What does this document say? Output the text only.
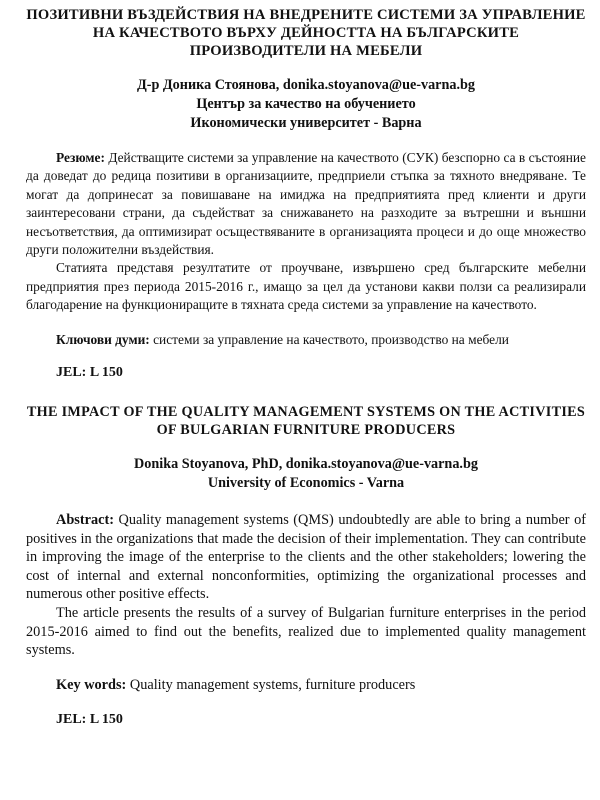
ПОЗИТИВНИ ВЪЗДЕЙСТВИЯ НА ВНЕДРЕНИТЕ СИСТЕМИ ЗА УПРАВЛЕНИЕ НА КАЧЕСТВОТО ВЪРХУ ДЕЙНОСТТА НА БЪЛГАРСКИТЕ ПРОИЗВОДИТЕЛИ НА МЕБЕЛИ
Д-р Доника Стоянова, donika.stoyanova@ue-varna.bg
Център за качество на обучението
Икономически университет - Варна

Резюме: Действащите системи за управление на качеството (СУК) безспорно са в състояние да доведат до редица позитиви в организациите, предприели стъпка за тяхното внедряване. Те могат да допринесат за повишаване на имиджа на предприятията пред клиенти и други заинтересовани страни, да съдействат за снижаването на разходите за вътрешни и външни несъответствия, да оптимизират осъществяваните в организацията процеси и до още множество други положителни въздействия.

Статията представя резултатите от проучване, извършено сред българските мебелни предприятия през периода 2015-2016 г., имащо за цел да установи какви ползи са реализирали благодарение на функциониращите в тяхната среда системи за управление на качеството.

Ключови думи: системи за управление на качеството, производство на мебели
JEL: L 150
THE IMPACT OF THE QUALITY MANAGEMENT SYSTEMS ON THE ACTIVITIES OF BULGARIAN FURNITURE PRODUCERS
Donika Stoyanova, PhD, donika.stoyanova@ue-varna.bg
University of Economics - Varna

Abstract: Quality management systems (QMS) undoubtedly are able to bring a number of positives in the organizations that made the decision of their implementation. They can contribute in improving the image of the enterprise to the clients and the other stakeholders; lowering the cost of internal and external nonconformities, optimizing the organizational processes and numerous other positive effects.

The article presents the results of a survey of Bulgarian furniture enterprises in the period 2015-2016 aimed to find out the benefits, realized due to implemented quality management systems.

Key words: Quality management systems, furniture producers
JEL: L 150
